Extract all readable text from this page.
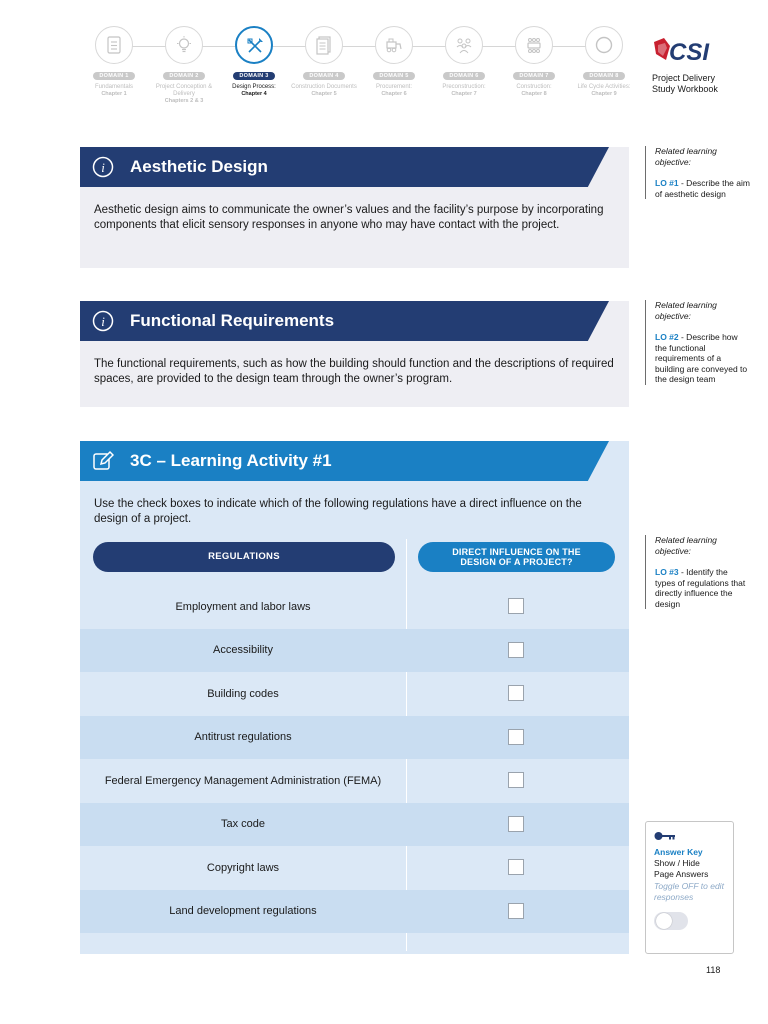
DOMAIN 1
Fundamentals
Chapter 1
DOMAIN 2
Project Conception & Delivery
Chapters 2 & 3
DOMAIN 3
Design Process:
Chapter 4
DOMAIN 4
Construction Documents
Chapter 5
DOMAIN 5
Procurement:
Chapter 6
DOMAIN 6
Preconstruction:
Chapter 7
DOMAIN 7
Construction:
Chapter 8
DOMAIN 8
Life Cycle Activities:
Chapter 9
CSI
Project Delivery
Study Workbook
i Aesthetic Design
Aesthetic design aims to communicate the owner’s values and the facility’s purpose by incorporating components that elicit sensory responses in anyone who may have contact with the project.
i Functional Requirements
The functional requirements, such as how the building should function and the descriptions of required spaces, are provided to the design team through the owner’s program.
3C – Learning Activity #1
Use the check boxes to indicate which of the following regulations have a direct influence on the design of a project.
REGULATIONS	DIRECT INFLUENCE ON THE
DESIGN OF A PROJECT?
Employment and labor laws
Accessibility
Building codes
Antitrust regulations
Federal Emergency Management Administration (FEMA)
Tax code
Copyright laws
Land development regulations
Related learning objective:
LO #1 - Describe the aim of aesthetic design
Related learning objective:
LO #2 - Describe how the functional requirements of a building are conveyed to the design team
Related learning objective:
LO #3 - Identify the types of regulations that directly influence the design
Answer Key
Show / Hide
Page Answers
Toggle OFF to edit responses
118
